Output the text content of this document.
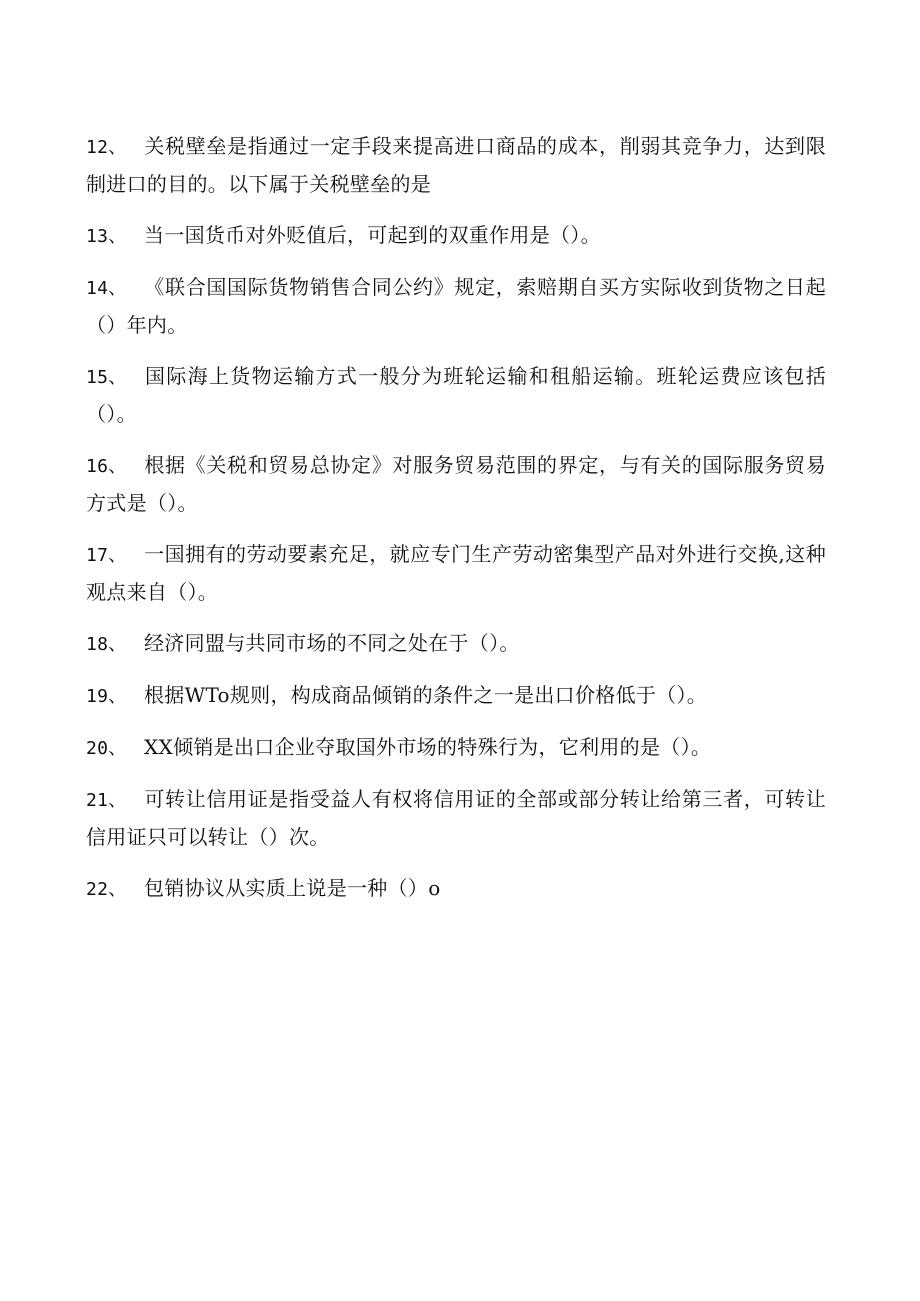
12、 关税壁垒是指通过一定手段来提高进口商品的成本，削弱其竞争力，达到限制进口的目的。以下属于关税壁垒的是

13、 当一国货币对外贬值后，可起到的双重作用是（）。

14、 《联合国国际货物销售合同公约》规定，索赔期自买方实际收到货物之日起（）年内。

15、 国际海上货物运输方式一般分为班轮运输和租船运输。班轮运费应该包括（）。

16、 根据《关税和贸易总协定》对服务贸易范围的界定，与有关的国际服务贸易方式是（）。

17、 一国拥有的劳动要素充足，就应专门生产劳动密集型产品对外进行交换,这种观点来自（）。

18、 经济同盟与共同市场的不同之处在于（）。

19、 根据WTo规则，构成商品倾销的条件之一是出口价格低于（）。

20、 XX倾销是出口企业夺取国外市场的特殊行为，它利用的是（）。

21、 可转让信用证是指受益人有权将信用证的全部或部分转让给第三者，可转让信用证只可以转让（）次。

22、 包销协议从实质上说是一种（）o
